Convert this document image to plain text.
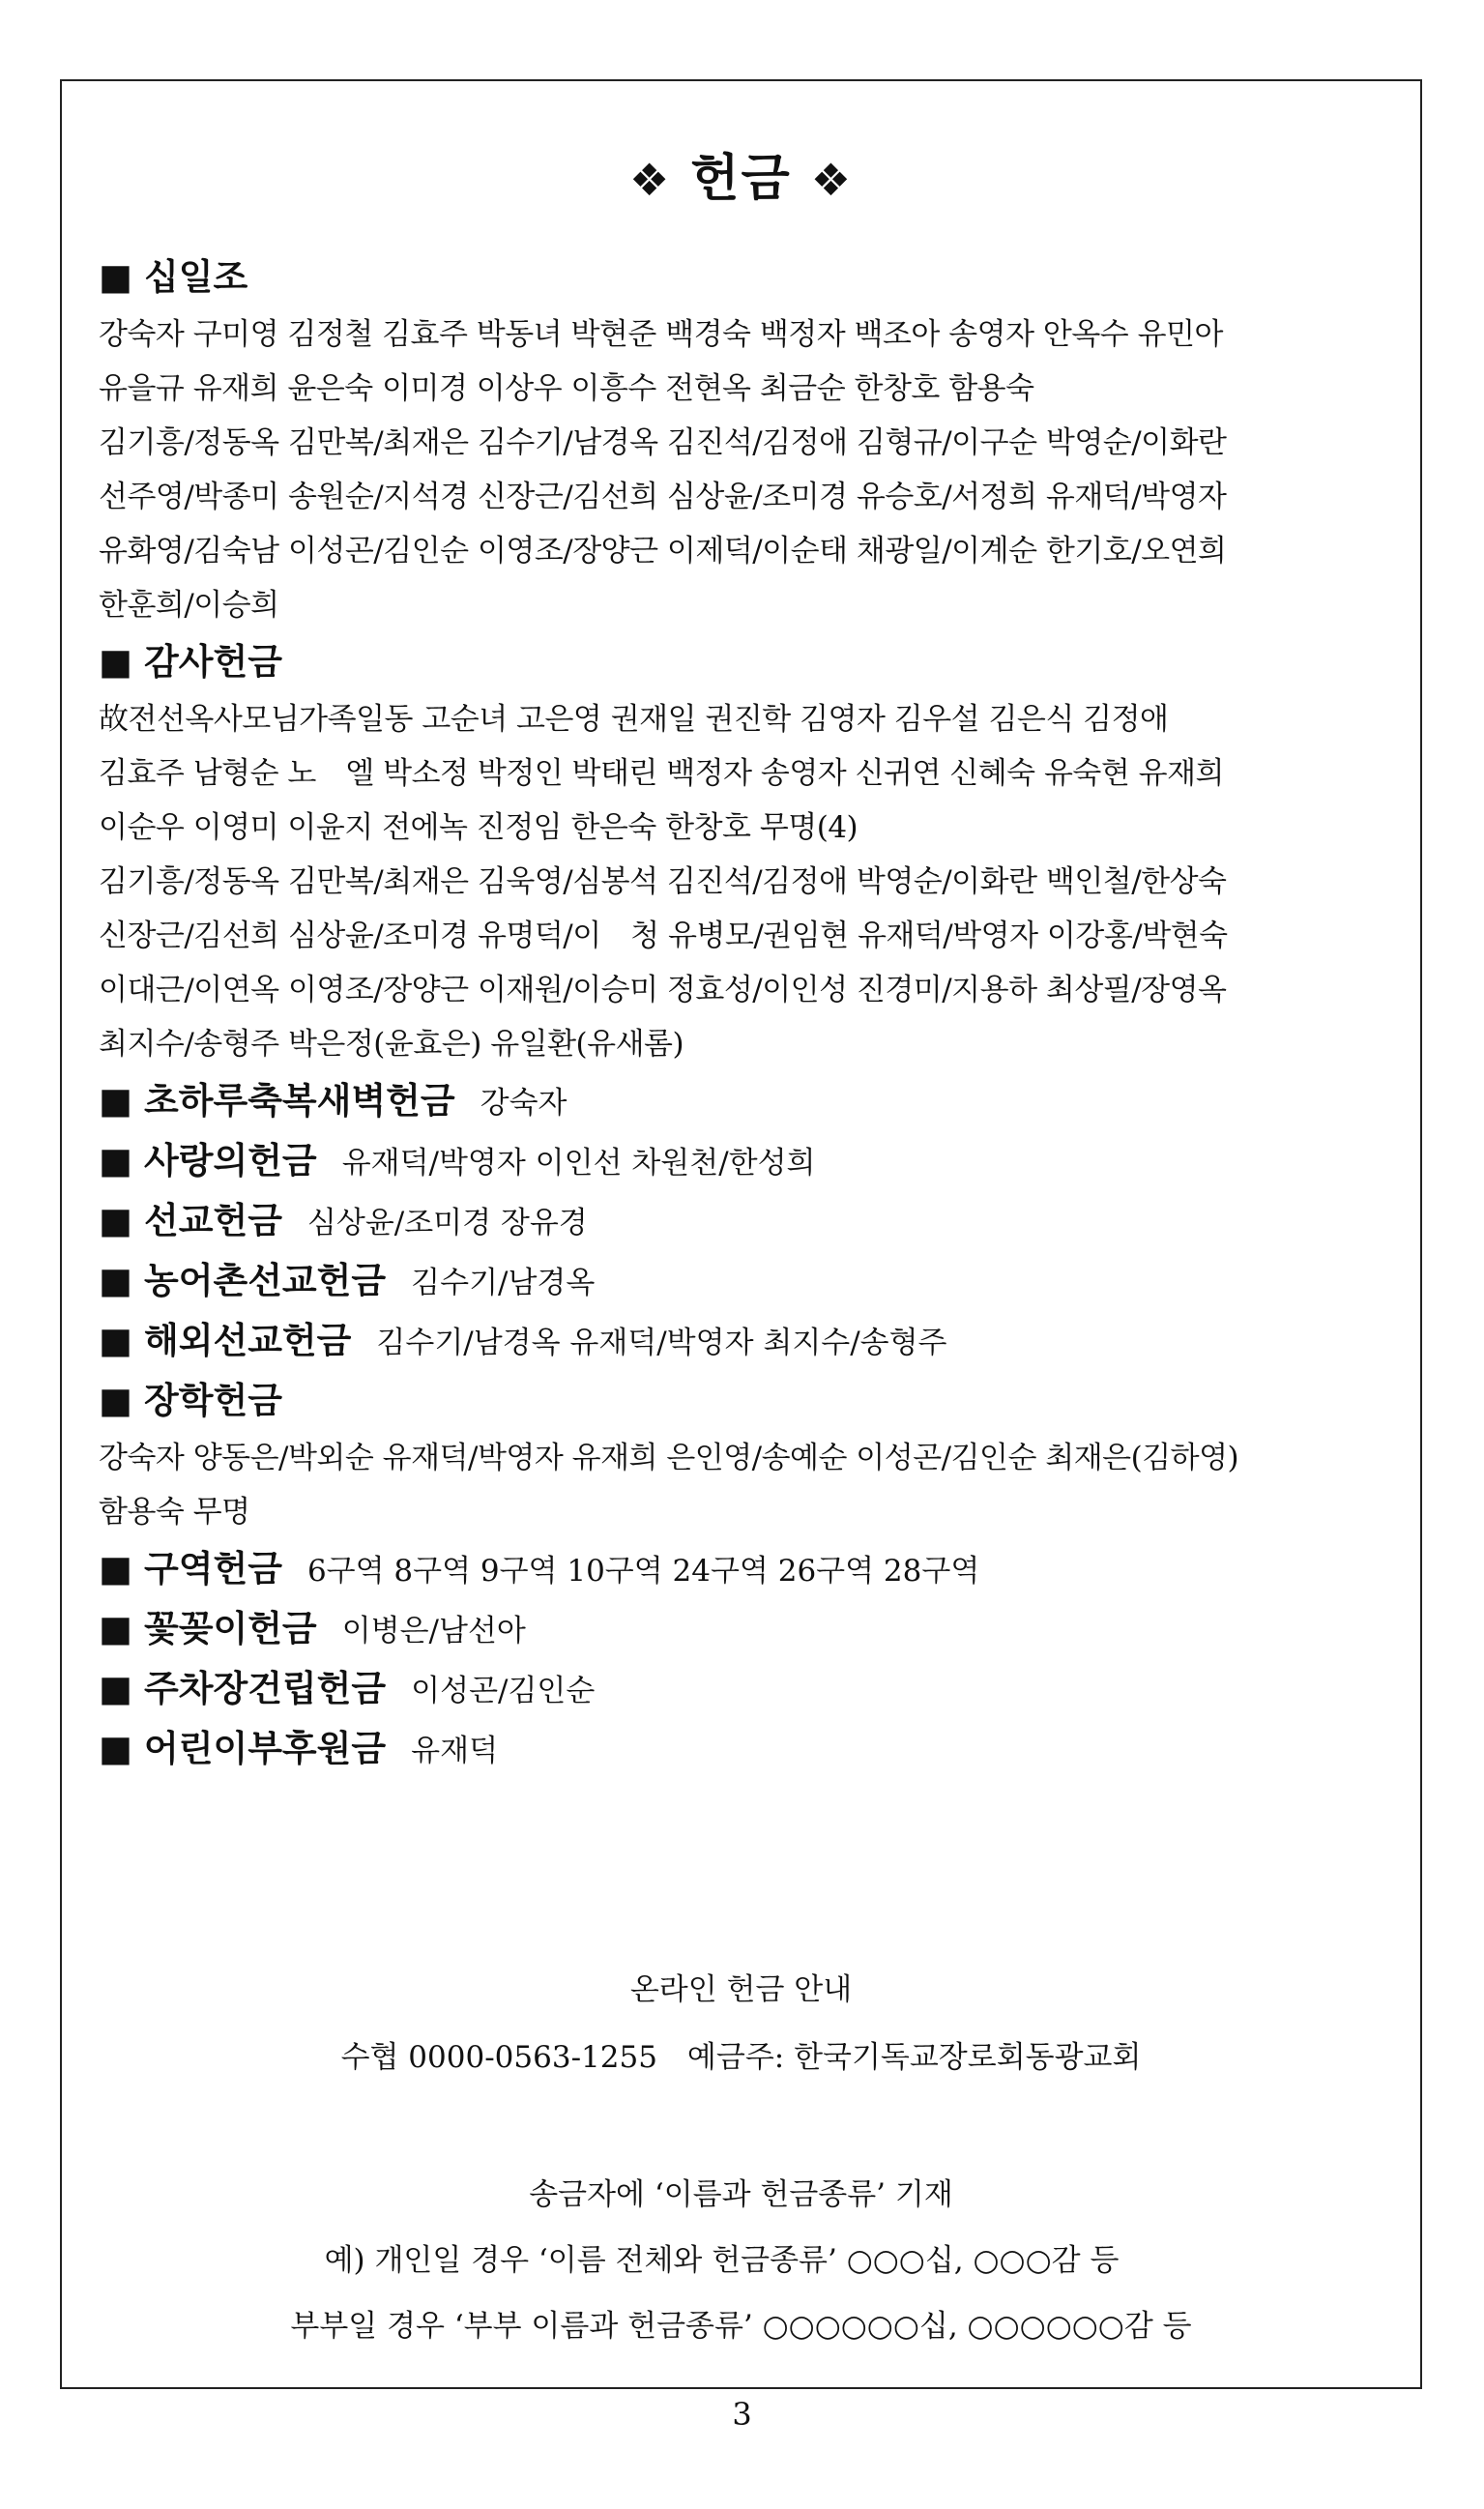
❖ 헌금 ❖
■ 십일조
강숙자 구미영 김정철 김효주 박동녀 박현준 백경숙 백정자 백조아 송영자 안옥수 유민아
유을규 유재희 윤은숙 이미경 이상우 이흥수 전현옥 최금순 한창호 함용숙
김기흥/정동옥 김만복/최재은 김수기/남경옥 김진석/김정애 김형규/이구순 박영순/이화란
선주영/박종미 송원순/지석경 신장근/김선희 심상윤/조미경 유승호/서정희 유재덕/박영자
유화영/김숙남 이성곤/김인순 이영조/장양근 이제덕/이순태 채광일/이계순 한기호/오연희
한훈희/이승희
■ 감사헌금
故전선옥사모님가족일동 고순녀 고은영 권재일 권진학 김영자 김우설 김은식 김정애
김효주 남형순 노　엘 박소정 박정인 박태린 백정자 송영자 신귀연 신혜숙 유숙현 유재희
이순우 이영미 이윤지 전에녹 진정임 한은숙 한창호 무명(4)
김기흥/정동옥 김만복/최재은 김욱영/심봉석 김진석/김정애 박영순/이화란 백인철/한상숙
신장근/김선희 심상윤/조미경 유명덕/이　청 유병모/권임현 유재덕/박영자 이강홍/박현숙
이대근/이연옥 이영조/장양근 이재원/이승미 정효성/이인성 진경미/지용하 최상필/장영옥
최지수/송형주 박은정(윤효은) 유일환(유새롬)
■ 초하루축복새벽헌금 강숙자
■ 사랑의헌금 유재덕/박영자 이인선 차원천/한성희
■ 선교헌금 심상윤/조미경 장유경
■ 농어촌선교헌금 김수기/남경옥
■ 해외선교헌금 김수기/남경옥 유재덕/박영자 최지수/송형주
■ 장학헌금
강숙자 양동은/박외순 유재덕/박영자 유재희 은인영/송예순 이성곤/김인순 최재은(김하영)
함용숙 무명
■ 구역헌금 6구역 8구역 9구역 10구역 24구역 26구역 28구역
■ 꽃꽂이헌금 이병은/남선아
■ 주차장건립헌금 이성곤/김인순
■ 어린이부후원금 유재덕
온라인 헌금 안내
수협 0000-0563-1255　예금주: 한국기독교장로회동광교회
송금자에 ‘이름과 헌금종류’ 기재
예) 개인일 경우 ‘이름 전체와 헌금종류’ ○○○십, ○○○감 등
부부일 경우 ‘부부 이름과 헌금종류’ ○○○○○○십, ○○○○○○감 등
3
